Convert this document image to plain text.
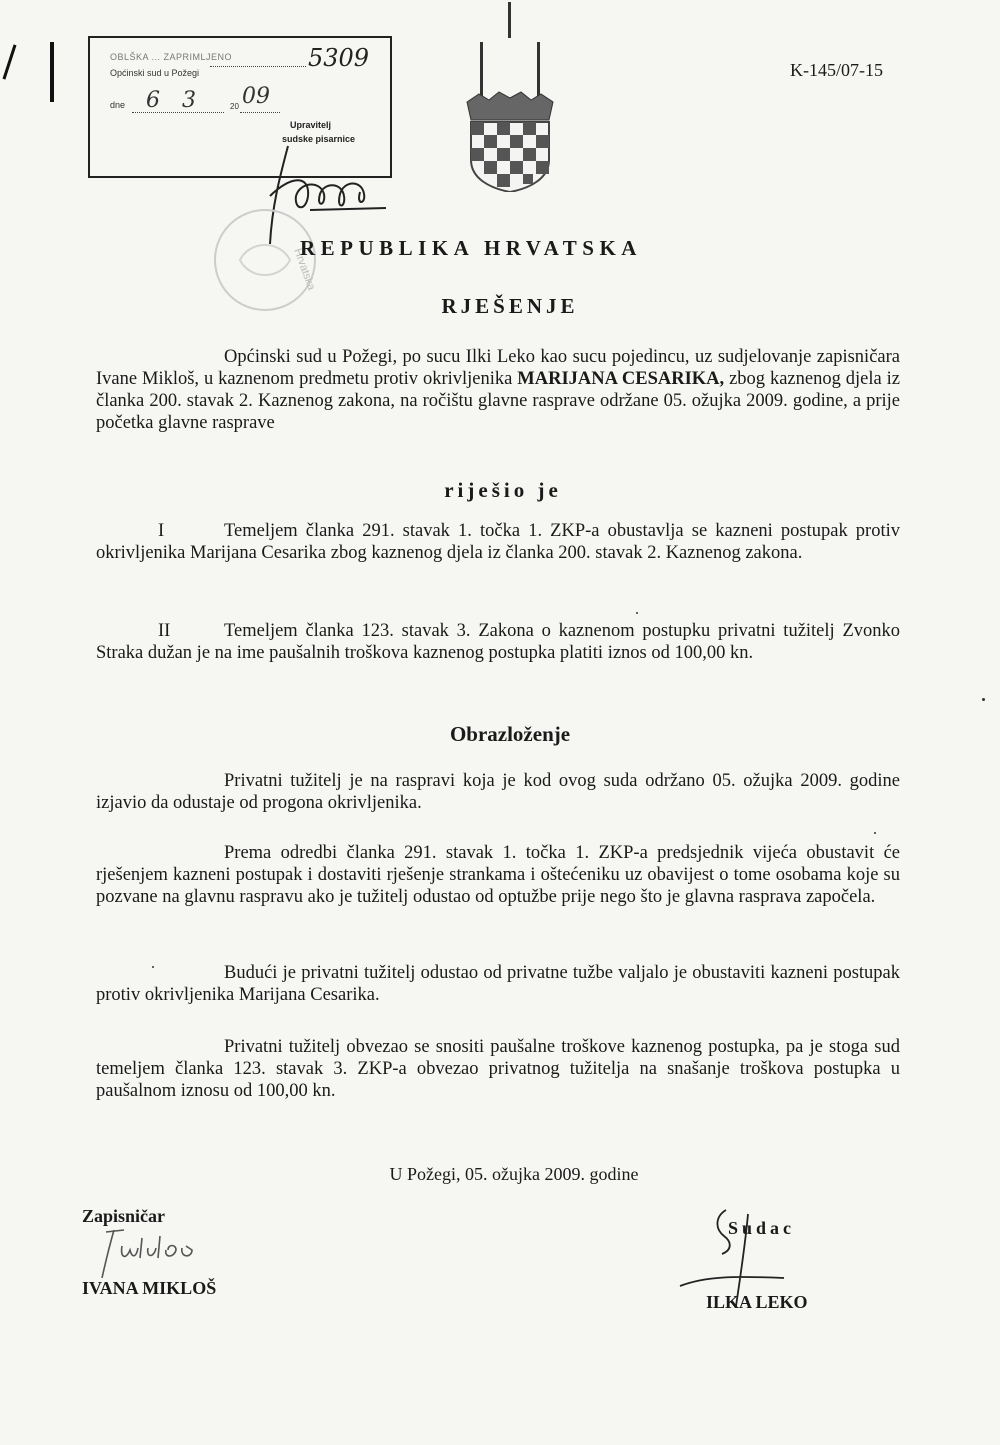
OBLŠKA ... ZAPRIMLJENO
Općinski sud u Požegi
5309
dne 6 3	20 09
Upravitelj
sudske pisarnice
K-145/07-15
Hrvatska
REPUBLIKA HRVATSKA
RJEŠENJE
Općinski sud u Požegi, po sucu Ilki Leko kao sucu pojedincu, uz sudjelovanje zapisničara Ivane Mikloš, u kaznenom predmetu protiv okrivljenika MARIJANA CESARIKA, zbog kaznenog djela iz članka 200. stavak 2. Kaznenog zakona, na ročištu glavne rasprave održane 05. ožujka 2009. godine, a prije početka glavne rasprave
riješio je
I	Temeljem članka 291. stavak 1. točka 1. ZKP-a obustavlja se kazneni postupak protiv okrivljenika Marijana Cesarika zbog kaznenog djela iz članka 200. stavak 2. Kaznenog zakona.
II	Temeljem članka 123. stavak 3. Zakona o kaznenom postupku privatni tužitelj Zvonko Straka dužan je na ime paušalnih troškova kaznenog postupka platiti iznos od 100,00 kn.
Obrazloženje
Privatni tužitelj je na raspravi koja je kod ovog suda održano 05. ožujka 2009. godine izjavio da odustaje od progona okrivljenika.
Prema odredbi članka 291. stavak 1. točka 1. ZKP-a predsjednik vijeća obustavit će rješenjem kazneni postupak i dostaviti rješenje strankama i oštećeniku uz obavijest o tome osobama koje su pozvane na glavnu raspravu ako je tužitelj odustao od optužbe prije nego što je glavna rasprava započela.
Budući je privatni tužitelj odustao od privatne tužbe valjalo je obustaviti kazneni postupak protiv okrivljenika Marijana Cesarika.
Privatni tužitelj obvezao se snositi paušalne troškove kaznenog postupka, pa je stoga sud temeljem članka 123. stavak 3. ZKP-a obvezao privatnog tužitelja na snašanje troškova postupka u paušalnom iznosu od 100,00 kn.
U Požegi, 05. ožujka 2009. godine
Zapisničar
IVANA MIKLOŠ
Sudac
ILKA LEKO
